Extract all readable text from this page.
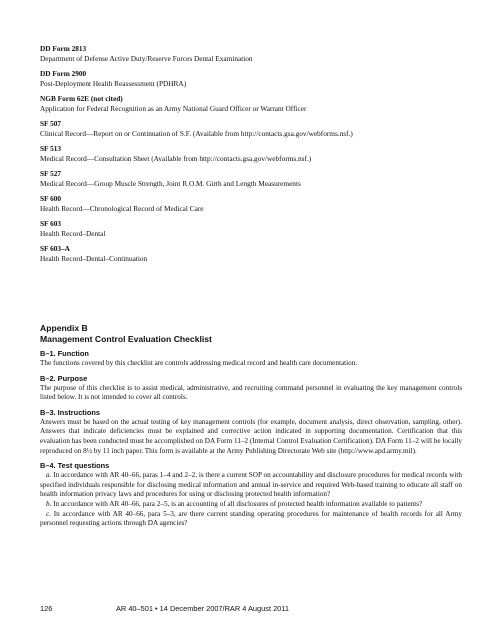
DD Form 2813
Department of Defense Active Duty/Reserve Forces Dental Examination
DD Form 2900
Post-Deployment Health Reassessment (PDHRA)
NGB Form 62E (not cited)
Application for Federal Recognition as an Army National Guard Officer or Warrant Officer
SF 507
Clinical Record—Report on or Continuation of S.F. (Available from http://contacts.gsa.gov/webforms.nsf.)
SF 513
Medical Record—Consultation Sheet (Available from http://contacts.gsa.gov/webforms.nsf.)
SF 527
Medical Record—Group Muscle Strength, Joint R.O.M. Girth and Length Measurements
SF 600
Health Record—Chronological Record of Medical Care
SF 603
Health Record–Dental
SF 603–A
Health Record–Dental–Continuation
Appendix B
Management Control Evaluation Checklist
B–1. Function
The functions covered by this checklist are controls addressing medical record and health care documentation.
B–2. Purpose
The purpose of this checklist is to assist medical, administrative, and recruiting command personnel in evaluating the key management controls listed below. It is not intended to cover all controls.
B–3. Instructions
Answers must be based on the actual testing of key management controls (for example, document analysis, direct observation, sampling, other). Answers that indicate deficiencies must be explained and corrective action indicated in supporting documentation. Certification that this evaluation has been conducted must be accomplished on DA Form 11–2 (Internal Control Evaluation Certification). DA Form 11–2 will be locally reproduced on 8½ by 11 inch paper. This form is available at the Army Publishing Directorate Web site (http://www.apd.army.mil).
B–4. Test questions
a. In accordance with AR 40–66, paras 1–4 and 2–2, is there a current SOP on accountability and disclosure procedures for medical records with specified individuals responsible for disclosing medical information and annual in-service and required Web-based training to educate all staff on health information privacy laws and procedures for using or disclosing protected health information?
b. In accordance with AR 40–66, para 2–5, is an accounting of all disclosures of protected health information available to patients?
c. In accordance with AR 40–66, para 5–3, are there current standing operating procedures for maintenance of health records for all Army personnel requesting actions through DA agencies?
126	AR 40–501 • 14 December 2007/RAR 4 August 2011
